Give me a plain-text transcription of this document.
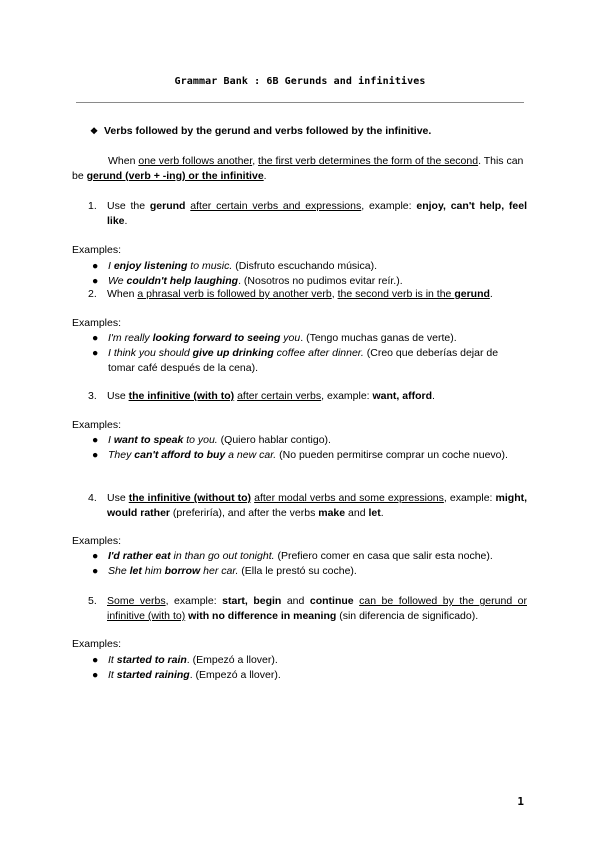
Grammar Bank : 6B Gerunds and infinitives
❖ Verbs followed by the gerund and verbs followed by the infinitive.
When one verb follows another, the first verb determines the form of the second. This can be gerund (verb + -ing) or the infinitive.
1. Use the gerund after certain verbs and expressions, example: enjoy, can't help, feel like.
Examples:
● I enjoy listening to music. (Disfruto escuchando música).
● We couldn't help laughing. (Nosotros no pudimos evitar reír.).
2. When a phrasal verb is followed by another verb, the second verb is in the gerund.
Examples:
● I'm really looking forward to seeing you. (Tengo muchas ganas de verte).
● I think you should give up drinking coffee after dinner. (Creo que deberías dejar de tomar café después de la cena).
3. Use the infinitive (with to) after certain verbs, example: want, afford.
Examples:
● I want to speak to you. (Quiero hablar contigo).
● They can't afford to buy a new car. (No pueden permitirse comprar un coche nuevo).
4. Use the infinitive (without to) after modal verbs and some expressions, example: might, would rather (preferiría), and after the verbs make and let.
Examples:
● I'd rather eat in than go out tonight. (Prefiero comer en casa que salir esta noche).
● She let him borrow her car. (Ella le prestó su coche).
5. Some verbs, example: start, begin and continue can be followed by the gerund or infinitive (with to) with no difference in meaning (sin diferencia de significado).
Examples:
● It started to rain. (Empezó a llover).
● It started raining. (Empezó a llover).
1
